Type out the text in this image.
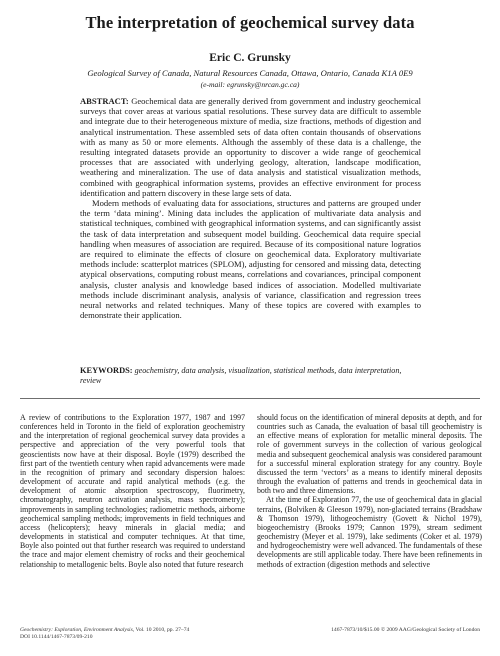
The interpretation of geochemical survey data
Eric C. Grunsky
Geological Survey of Canada, Natural Resources Canada, Ottawa, Ontario, Canada K1A 0E9
(e-mail: egrunsky@nrcan.gc.ca)

ABSTRACT: Geochemical data are generally derived from government and industry geochemical surveys that cover areas at various spatial resolutions. These survey data are difficult to assemble and integrate due to their heterogeneous mixture of media, size fractions, methods of digestion and analytical instrumentation. These assembled sets of data often contain thousands of observations with as many as 50 or more elements. Although the assembly of these data is a challenge, the resulting integrated datasets provide an opportunity to discover a wide range of geochemical processes that are associated with underlying geology, alteration, landscape modification, weathering and mineralization. The use of data analysis and statistical visualization methods, combined with geographical information systems, provides an effective environment for process identification and pattern discovery in these large sets of data.

Modern methods of evaluating data for associations, structures and patterns are grouped under the term ‘data mining’. Mining data includes the application of multivariate data analysis and statistical techniques, combined with geographical information systems, and can significantly assist the task of data interpretation and subsequent model building. Geochemical data require special handling when measures of association are required. Because of its compositional nature logratios are required to eliminate the effects of closure on geochemical data. Exploratory multivariate methods include: scatterplot matrices (SPLOM), adjusting for censored and missing data, detecting atypical observations, computing robust means, correlations and covariances, principal component analysis, cluster analysis and knowledge based indices of association. Modelled multivariate methods include discriminant analysis, analysis of variance, classification and regression trees neural networks and related techniques. Many of these topics are covered with examples to demonstrate their application.

KEYWORDS: geochemistry, data analysis, visualization, statistical methods, data interpretation, review

A review of contributions to the Exploration 1977, 1987 and 1997 conferences held in Toronto in the field of exploration geochemistry and the interpretation of regional geochemical survey data provides a perspective and appreciation of the very powerful tools that geoscientists now have at their disposal. Boyle (1979) described the first part of the twentieth century when rapid advancements were made in the recognition of primary and secondary dispersion haloes: development of accurate and rapid analytical methods (e.g. the development of atomic absorption spectroscopy, fluorimetry, chromatography, neutron activation analysis, mass spectrometry); improvements in sampling technologies; radiometric methods, airborne geochemical sampling methods; improvements in field techniques and access (helicopters); heavy minerals in glacial media; and developments in statistical and computer techniques. At that time, Boyle also pointed out that further research was required to understand the trace and major element chemistry of rocks and their geochemical relationship to metallogenic belts. Boyle also noted that future research

should focus on the identification of mineral deposits at depth, and for countries such as Canada, the evaluation of basal till geochemistry is an effective means of exploration for metallic mineral deposits. The role of government surveys in the collection of various geological media and subsequent geochemical analysis was considered paramount for a successful mineral exploration strategy for any country. Boyle discussed the term ‘vectors’ as a means to identify mineral deposits through the evaluation of patterns and trends in geochemical data in both two and three dimensions.

At the time of Exploration 77, the use of geochemical data in glacial terrains, (Bolviken & Gleeson 1979), non-glaciated terrains (Bradshaw & Thomson 1979), lithogeochemistry (Govett & Nichol 1979), biogeochemistry (Brooks 1979; Cannon 1979), stream sediment geochemistry (Meyer et al. 1979), lake sediments (Coker et al. 1979) and hydrogeochemistry were well advanced. The fundamentals of these developments are still applicable today. There have been refinements in methods of extraction (digestion methods and selective

Geochemistry: Exploration, Environment Analysis, Vol. 10 2010, pp. 27–74
DOI 10.1144/1467-7873/09-210
1467-7873/10/$15.00 © 2009 AAG/Geological Society of London
